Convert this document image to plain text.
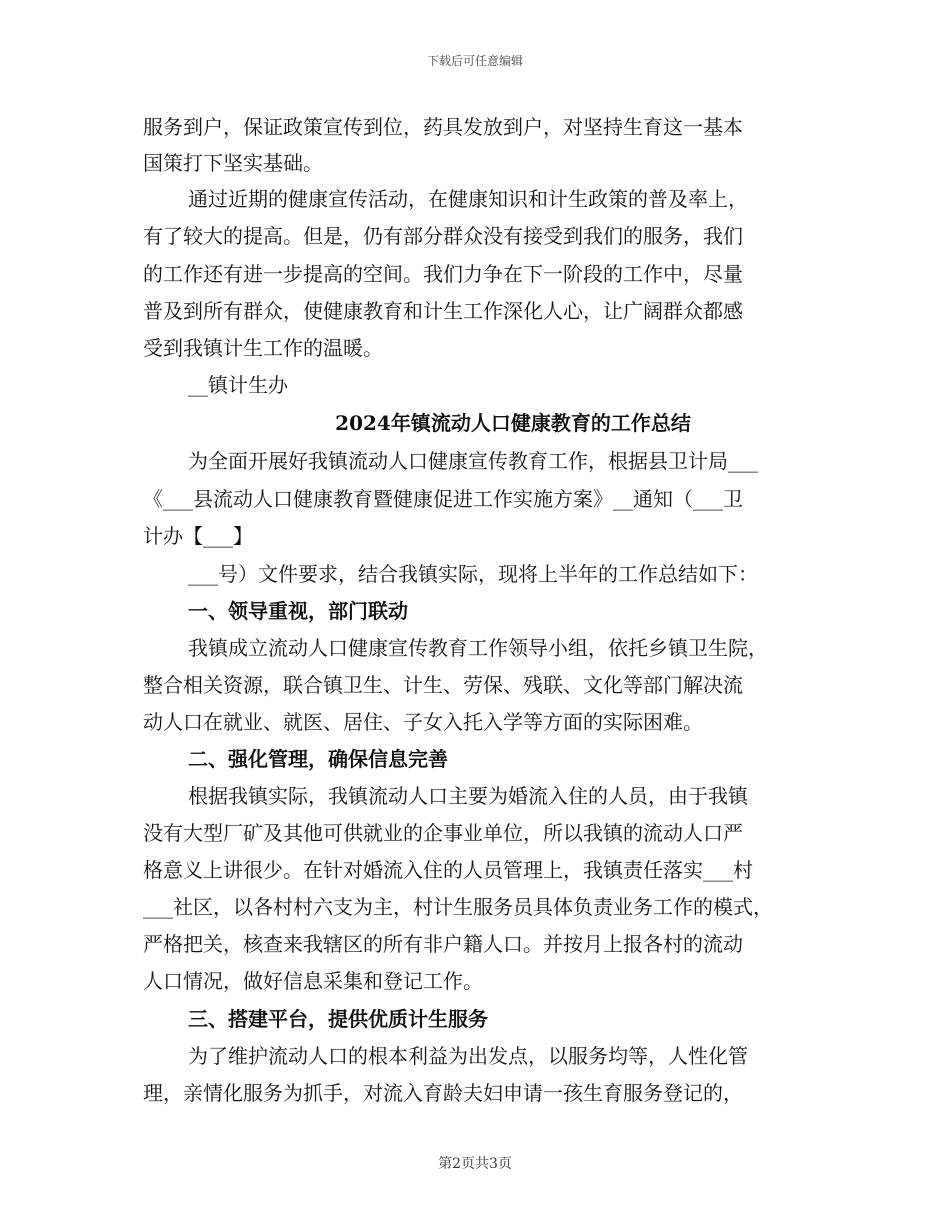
下载后可任意编辑
服务到户，保证政策宣传到位，药具发放到户，对坚持生育这一基本
国策打下坚实基础。
通过近期的健康宣传活动，在健康知识和计生政策的普及率上，
有了较大的提高。但是，仍有部分群众没有接受到我们的服务，我们
的工作还有进一步提高的空间。我们力争在下一阶段的工作中，尽量
普及到所有群众，使健康教育和计生工作深化人心，让广阔群众都感
受到我镇计生工作的温暖。
__镇计生办
2024年镇流动人口健康教育的工作总结
为全面开展好我镇流动人口健康宣传教育工作，根据县卫计局___
《___县流动人口健康教育暨健康促进工作实施方案》__通知（___卫
计办【___】
___号）文件要求，结合我镇实际，现将上半年的工作总结如下：
一、领导重视，部门联动
我镇成立流动人口健康宣传教育工作领导小组，依托乡镇卫生院，
整合相关资源，联合镇卫生、计生、劳保、残联、文化等部门解决流
动人口在就业、就医、居住、子女入托入学等方面的实际困难。
二、强化管理，确保信息完善
根据我镇实际，我镇流动人口主要为婚流入住的人员，由于我镇
没有大型厂矿及其他可供就业的企事业单位，所以我镇的流动人口严
格意义上讲很少。在针对婚流入住的人员管理上，我镇责任落实___村
___社区，以各村村六支为主，村计生服务员具体负责业务工作的模式，
严格把关，核查来我辖区的所有非户籍人口。并按月上报各村的流动
人口情况，做好信息采集和登记工作。
三、搭建平台，提供优质计生服务
为了维护流动人口的根本利益为出发点，以服务均等，人性化管
理，亲情化服务为抓手，对流入育龄夫妇申请一孩生育服务登记的，
第2页共3页
